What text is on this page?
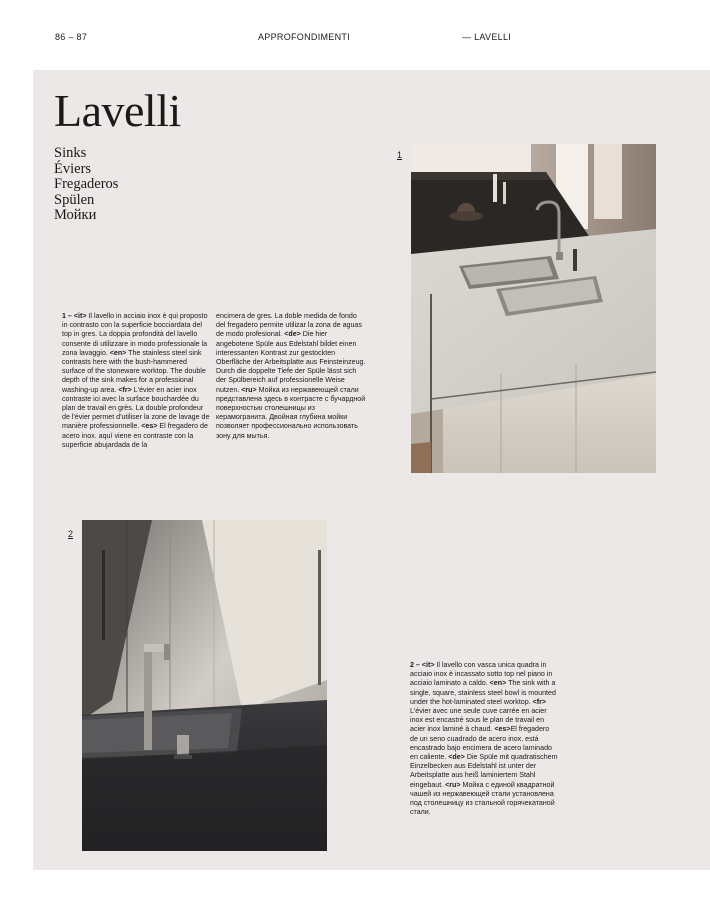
86 – 87	APPROFONDIMENTI	— LAVELLI
Lavelli
Sinks
Éviers
Fregaderos
Spülen
Мойки
1 – <it> Il lavello in acciaio inox è qui proposto in contrasto con la superficie bocciardata del top in gres. La doppia profondità del lavello consente di utilizzare in modo professionale la zona lavaggio. <en> The stainless steel sink contrasts here with the bush-hammered surface of the stoneware worktop. The double depth of the sink makes for a professional washing-up area. <fr> L'évier en acier inox contraste ici avec la surface bouchardée du plan de travail en grès. La double profondeur de l'évier permet d'utiliser la zone de lavage de manière professionnelle. <es> El fregadero de acero inox. aquí viene en contraste con la superficie abujardada de la
encimera de gres. La doble medida de fondo del fregadero permite utilizar la zona de aguas de modo profesional. <de> Die hier angebotene Spüle aus Edelstahl bildet einen interessanten Kontrast zur gestockten Oberfläche der Arbeitsplatte aus Feinsteinzeug. Durch die doppelte Tiefe der Spüle lässt sich der Spülbereich auf professionelle Weise nutzen. <ru> Мойка из нержавеющей стали представлена здесь в контрасте с бучардной поверхностью столешницы из керамогранита. Двойная глубина мойки позволяет профессионально использовать зону для мытья.
1
2
2 – <it> Il lavello con vasca unica quadra in acciaio inox è incassato sotto top nel piano in acciaio laminato a caldo. <en> The sink with a single, square, stainless steel bowl is mounted under the hot-laminated steel worktop. <fr> L'évier avec une seule cuve carrée en acier inox est encastré sous le plan de travail en acier inox laminé à chaud. <es>El fregadero de un seno cuadrado de acero inox. está encastrado bajo encimera de acero laminado en caliente. <de> Die Spüle mit quadratischem Einzelbecken aus Edelstahl ist unter der Arbeitsplatte aus heiß laminiertem Stahl eingebaut. <ru> Мойка с единой квадратной чашей из нержавеющей стали установлена под столешницу из стальной горячекатаной стали.
